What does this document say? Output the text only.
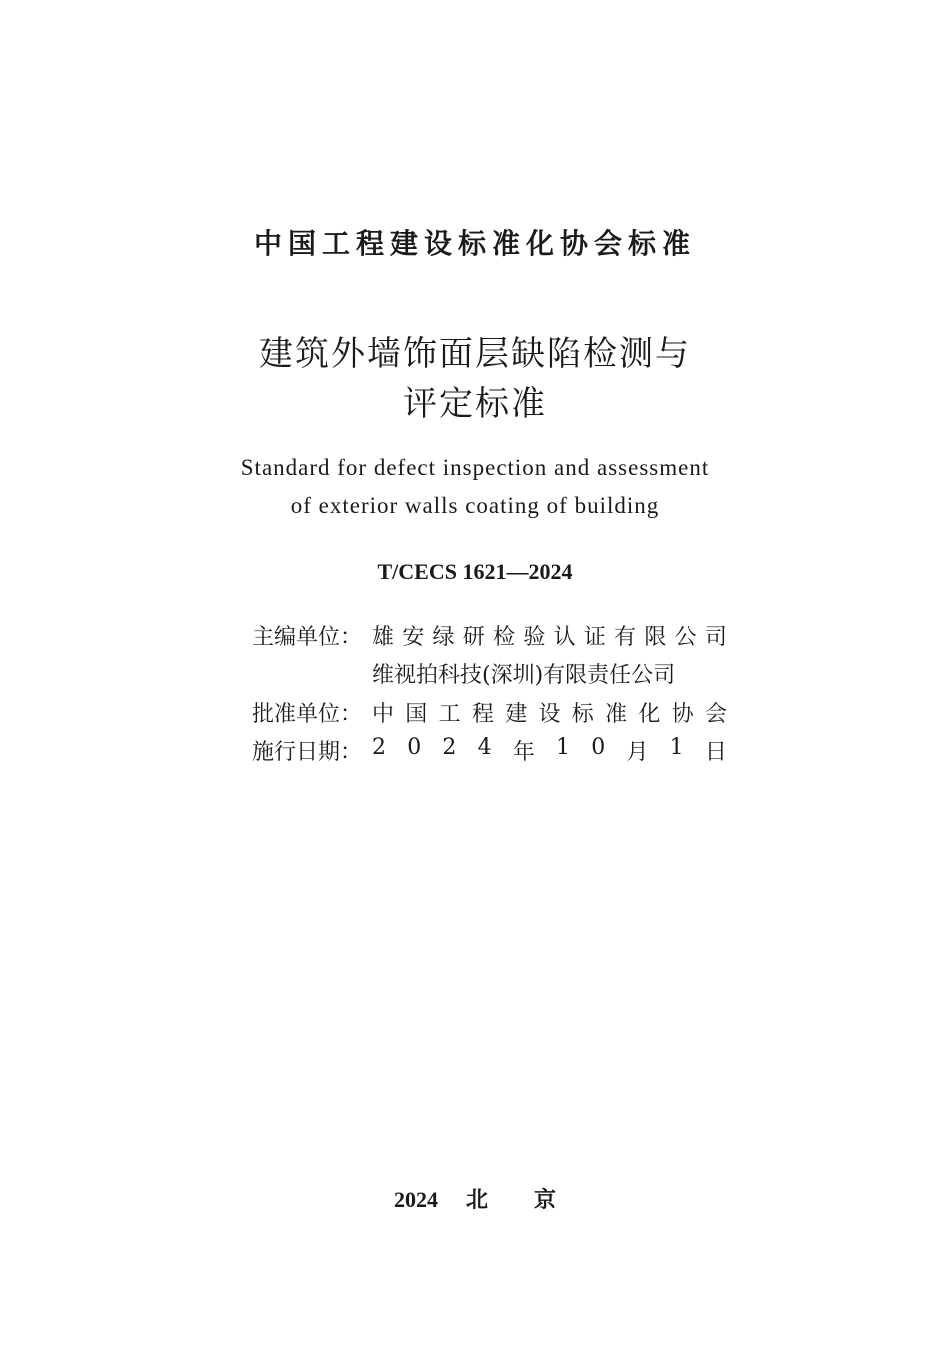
中国工程建设标准化协会标准
建筑外墙饰面层缺陷检测与
评定标准
Standard for defect inspection and assessment
of exterior walls coating of building
T/CECS 1621—2024
主编单位： 雄 安 绿 研 检 验 认 证 有 限 公 司
维视拍科技(深圳)有限责任公司
批准单位： 中 国 工 程 建 设 标 准 化 协 会
施行日期： 2 0 2 4 年 1 0 月 1 日
2024 北 京
